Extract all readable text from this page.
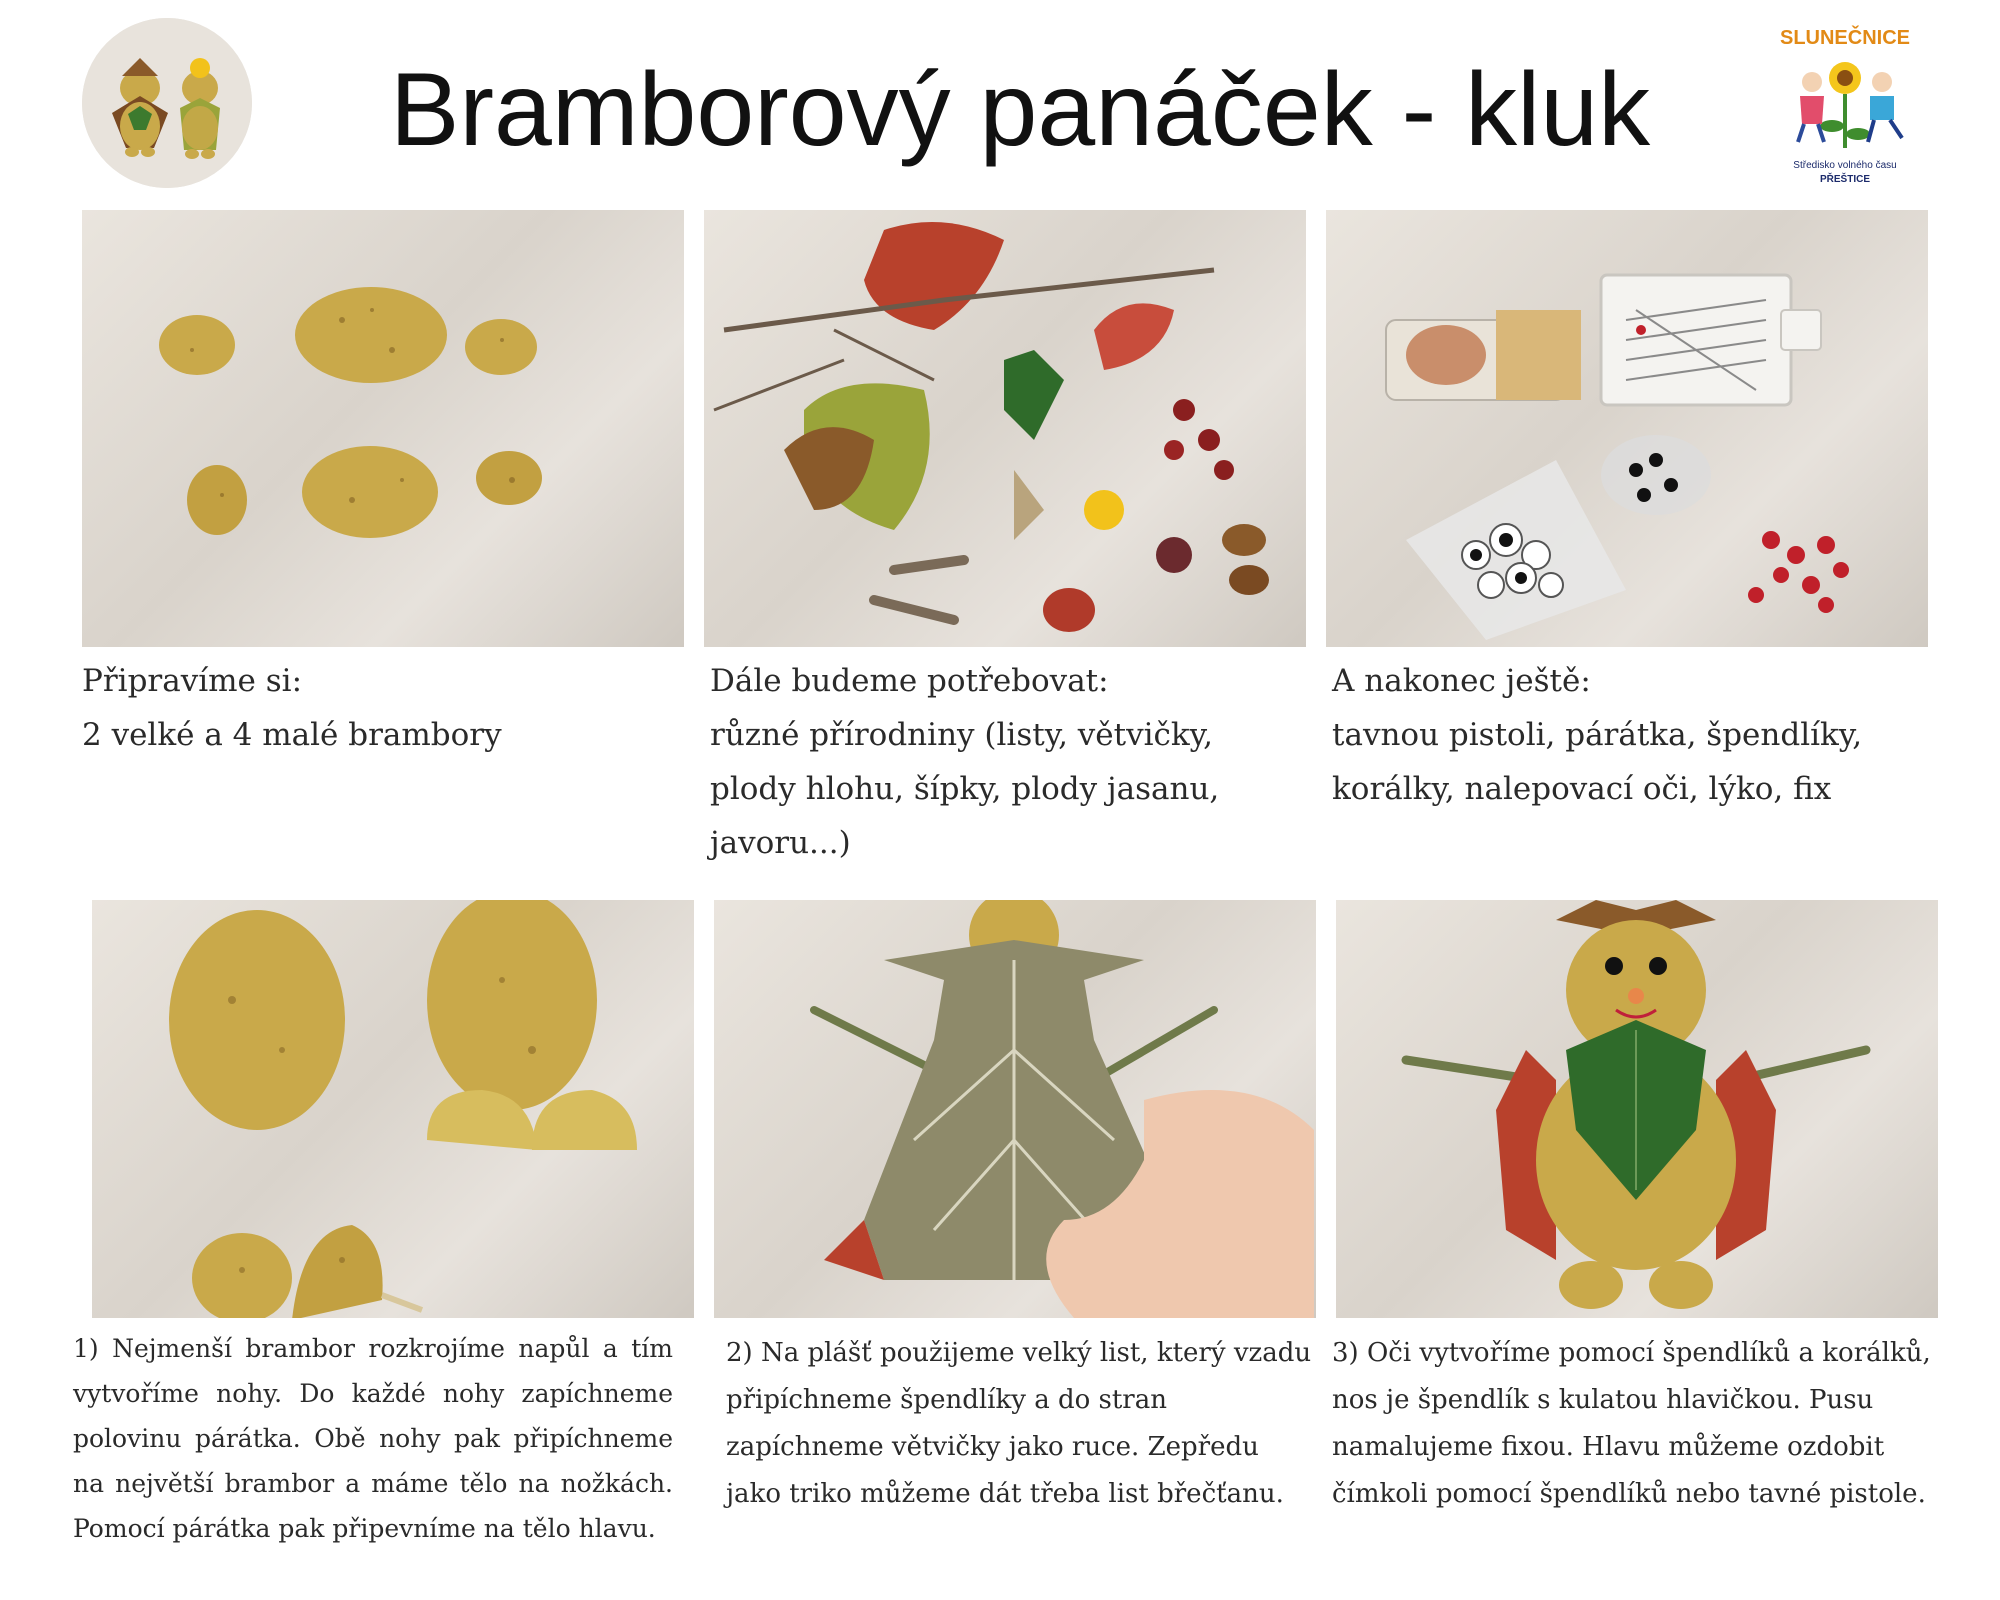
Bramborový panáček - kluk
SLUNEČNICE
Středisko volného času
PŘEŠTICE

Připravíme si:
2 velké a 4 malé brambory

Dále budeme potřebovat:
různé přírodniny (listy, větvičky,
plody hlohu, šípky, plody jasanu,
javoru...)

A nakonec ještě:
tavnou pistoli, párátka, špendlíky,
korálky, nalepovací oči, lýko, fix

1) Nejmenší brambor rozkrojíme napůl a tím vytvoříme nohy. Do každé nohy zapíchneme polovinu párátka. Obě nohy pak připíchneme na největší brambor a máme tělo na nožkách. Pomocí párátka pak připevníme na tělo hlavu.

2) Na plášť použijeme velký list, který vzadu připíchneme špendlíky a do stran zapíchneme větvičky jako ruce. Zepředu jako triko můžeme dát třeba list břečťanu.

3) Oči vytvoříme pomocí špendlíků a korálků, nos je špendlík s kulatou hlavičkou. Pusu namalujeme fixou. Hlavu můžeme ozdobit čímkoli pomocí špendlíků nebo tavné pistole.
